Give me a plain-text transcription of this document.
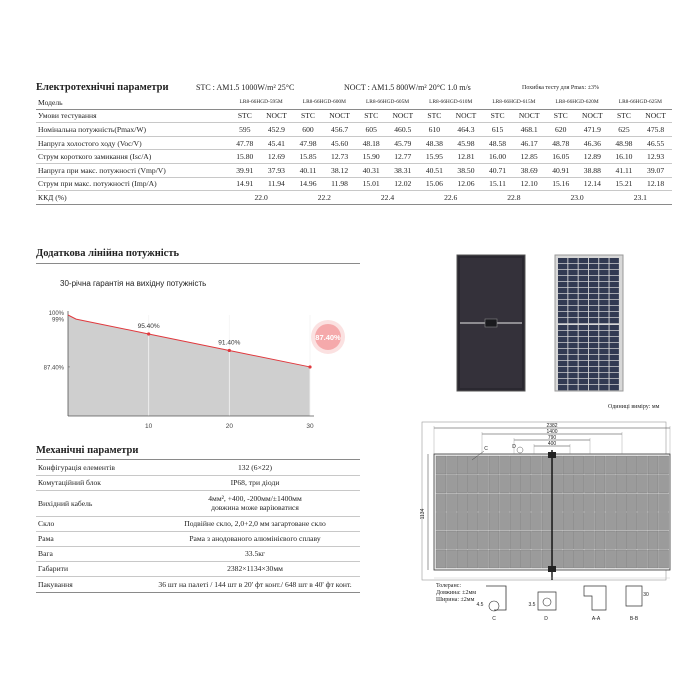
Електротехнічні параметри	STC : AM1.5 1000W/m² 25°C	NOCT : AM1.5 800W/m² 20°C 1.0 m/s	Похибка тесту для Pmax: ±3%
Модель	LR8-66HGD-595M		LR8-66HGD-600M		LR8-66HGD-605M		LR8-66HGD-610M		LR8-66HGD-615M		LR8-66HGD-620M		LR8-66HGD-625M	
Умови тестування	STC	NOCT	STC	NOCT	STC	NOCT	STC	NOCT	STC	NOCT	STC	NOCT	STC	NOCT
Номінальна потужність(Pmax/W)	595	452.9	600	456.7	605	460.5	610	464.3	615	468.1	620	471.9	625	475.8
Напруга холостого ходу (Voc/V)	47.78	45.41	47.98	45.60	48.18	45.79	48.38	45.98	48.58	46.17	48.78	46.36	48.98	46.55
Струм короткого замикання (Isc/A)	15.80	12.69	15.85	12.73	15.90	12.77	15.95	12.81	16.00	12.85	16.05	12.89	16.10	12.93
Напруга при макс. потужності (Vmp/V)	39.91	37.93	40.11	38.12	40.31	38.31	40.51	38.50	40.71	38.69	40.91	38.88	41.11	39.07
Струм при макс. потужності (Imp/A)	14.91	11.94	14.96	11.98	15.01	12.02	15.06	12.06	15.11	12.10	15.16	12.14	15.21	12.18
ККД (%)	22.0		22.2		22.4		22.6		22.8		23.0		23.1	
Додаткова лінійна потужність
30-річна гарантія на вихідну потужність
95.40%
91.40%
87.40%
100%
99%
87.40%
10	20	30
Механічні параметри
Конфігурація елементів	132 (6×22)

Комутаційний блок	IP68, три діоди

Вихідний кабель	4мм², +400, -200мм/±1400мм
довжина може варіюватися

Скло	Подвійне скло, 2,0+2,0 мм загартоване скло

Рама	Рама з анодованого алюмінієвого сплаву

Вага	33.5кг

Габарити	2382×1134×30мм

Пакування	36 шт на палеті / 144 шт в 20' фт конт./ 648 шт в 40' фт конт.
Одиниці виміру: мм
2382
1400
790
400
1134
C	D
C	D	A-A	B-B
4.5	3.5
30
Толеранс:
Довжина: ±2мм
Ширина: ±2мм
